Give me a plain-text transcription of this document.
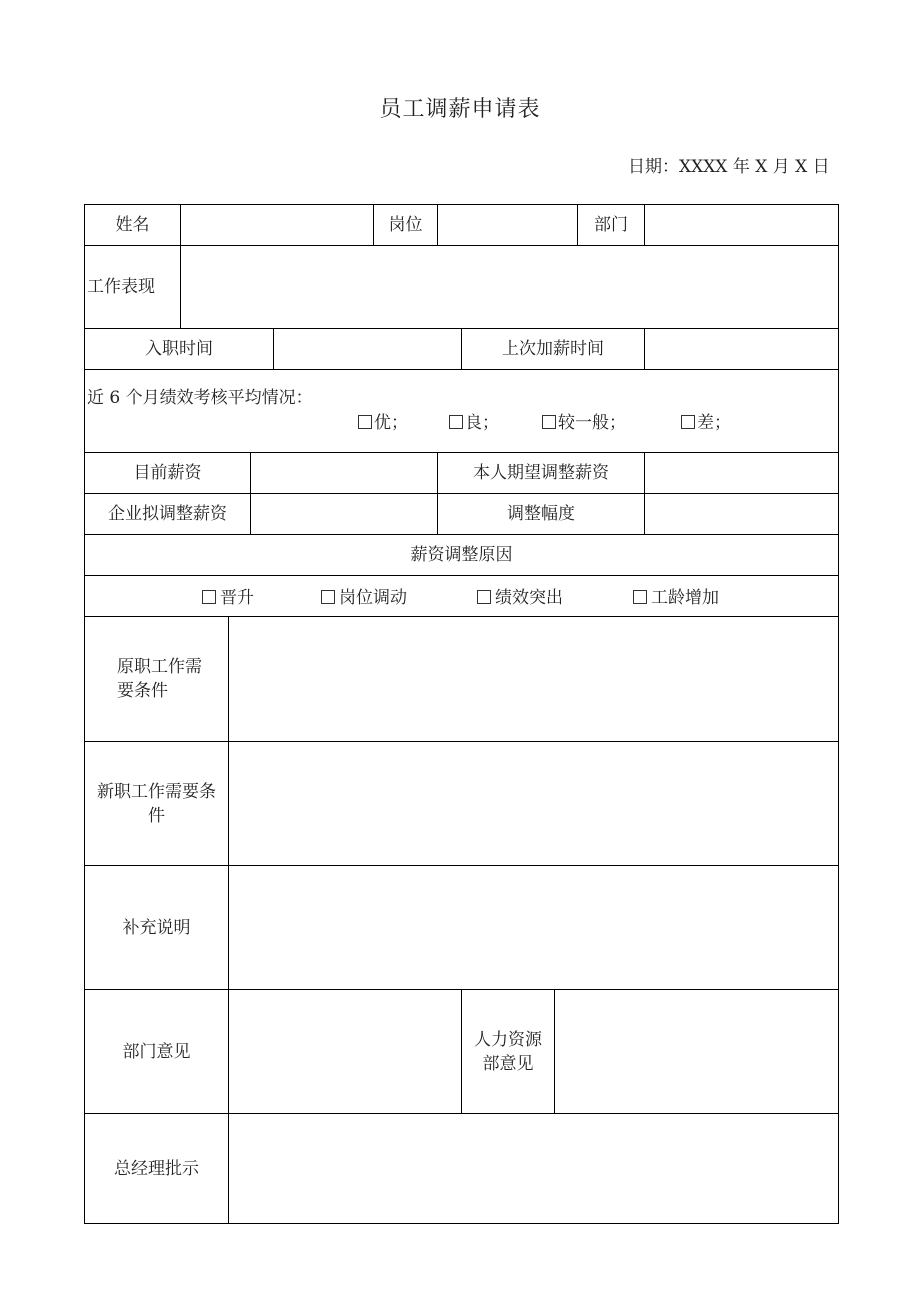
员工调薪申请表
日期：XXXX 年 X 月 X 日
姓名	岗位	部门
工作表现
入职时间	上次加薪时间
近 6 个月绩效考核平均情况：
优；	良；	较一般；	差；
目前薪资	本人期望调整薪资
企业拟调整薪资	调整幅度
薪资调整原因
晋升	岗位调动	绩效突出	工龄增加
原职工作需要条件
新职工作需要条件
补充说明
部门意见
人力资源部意见
总经理批示
